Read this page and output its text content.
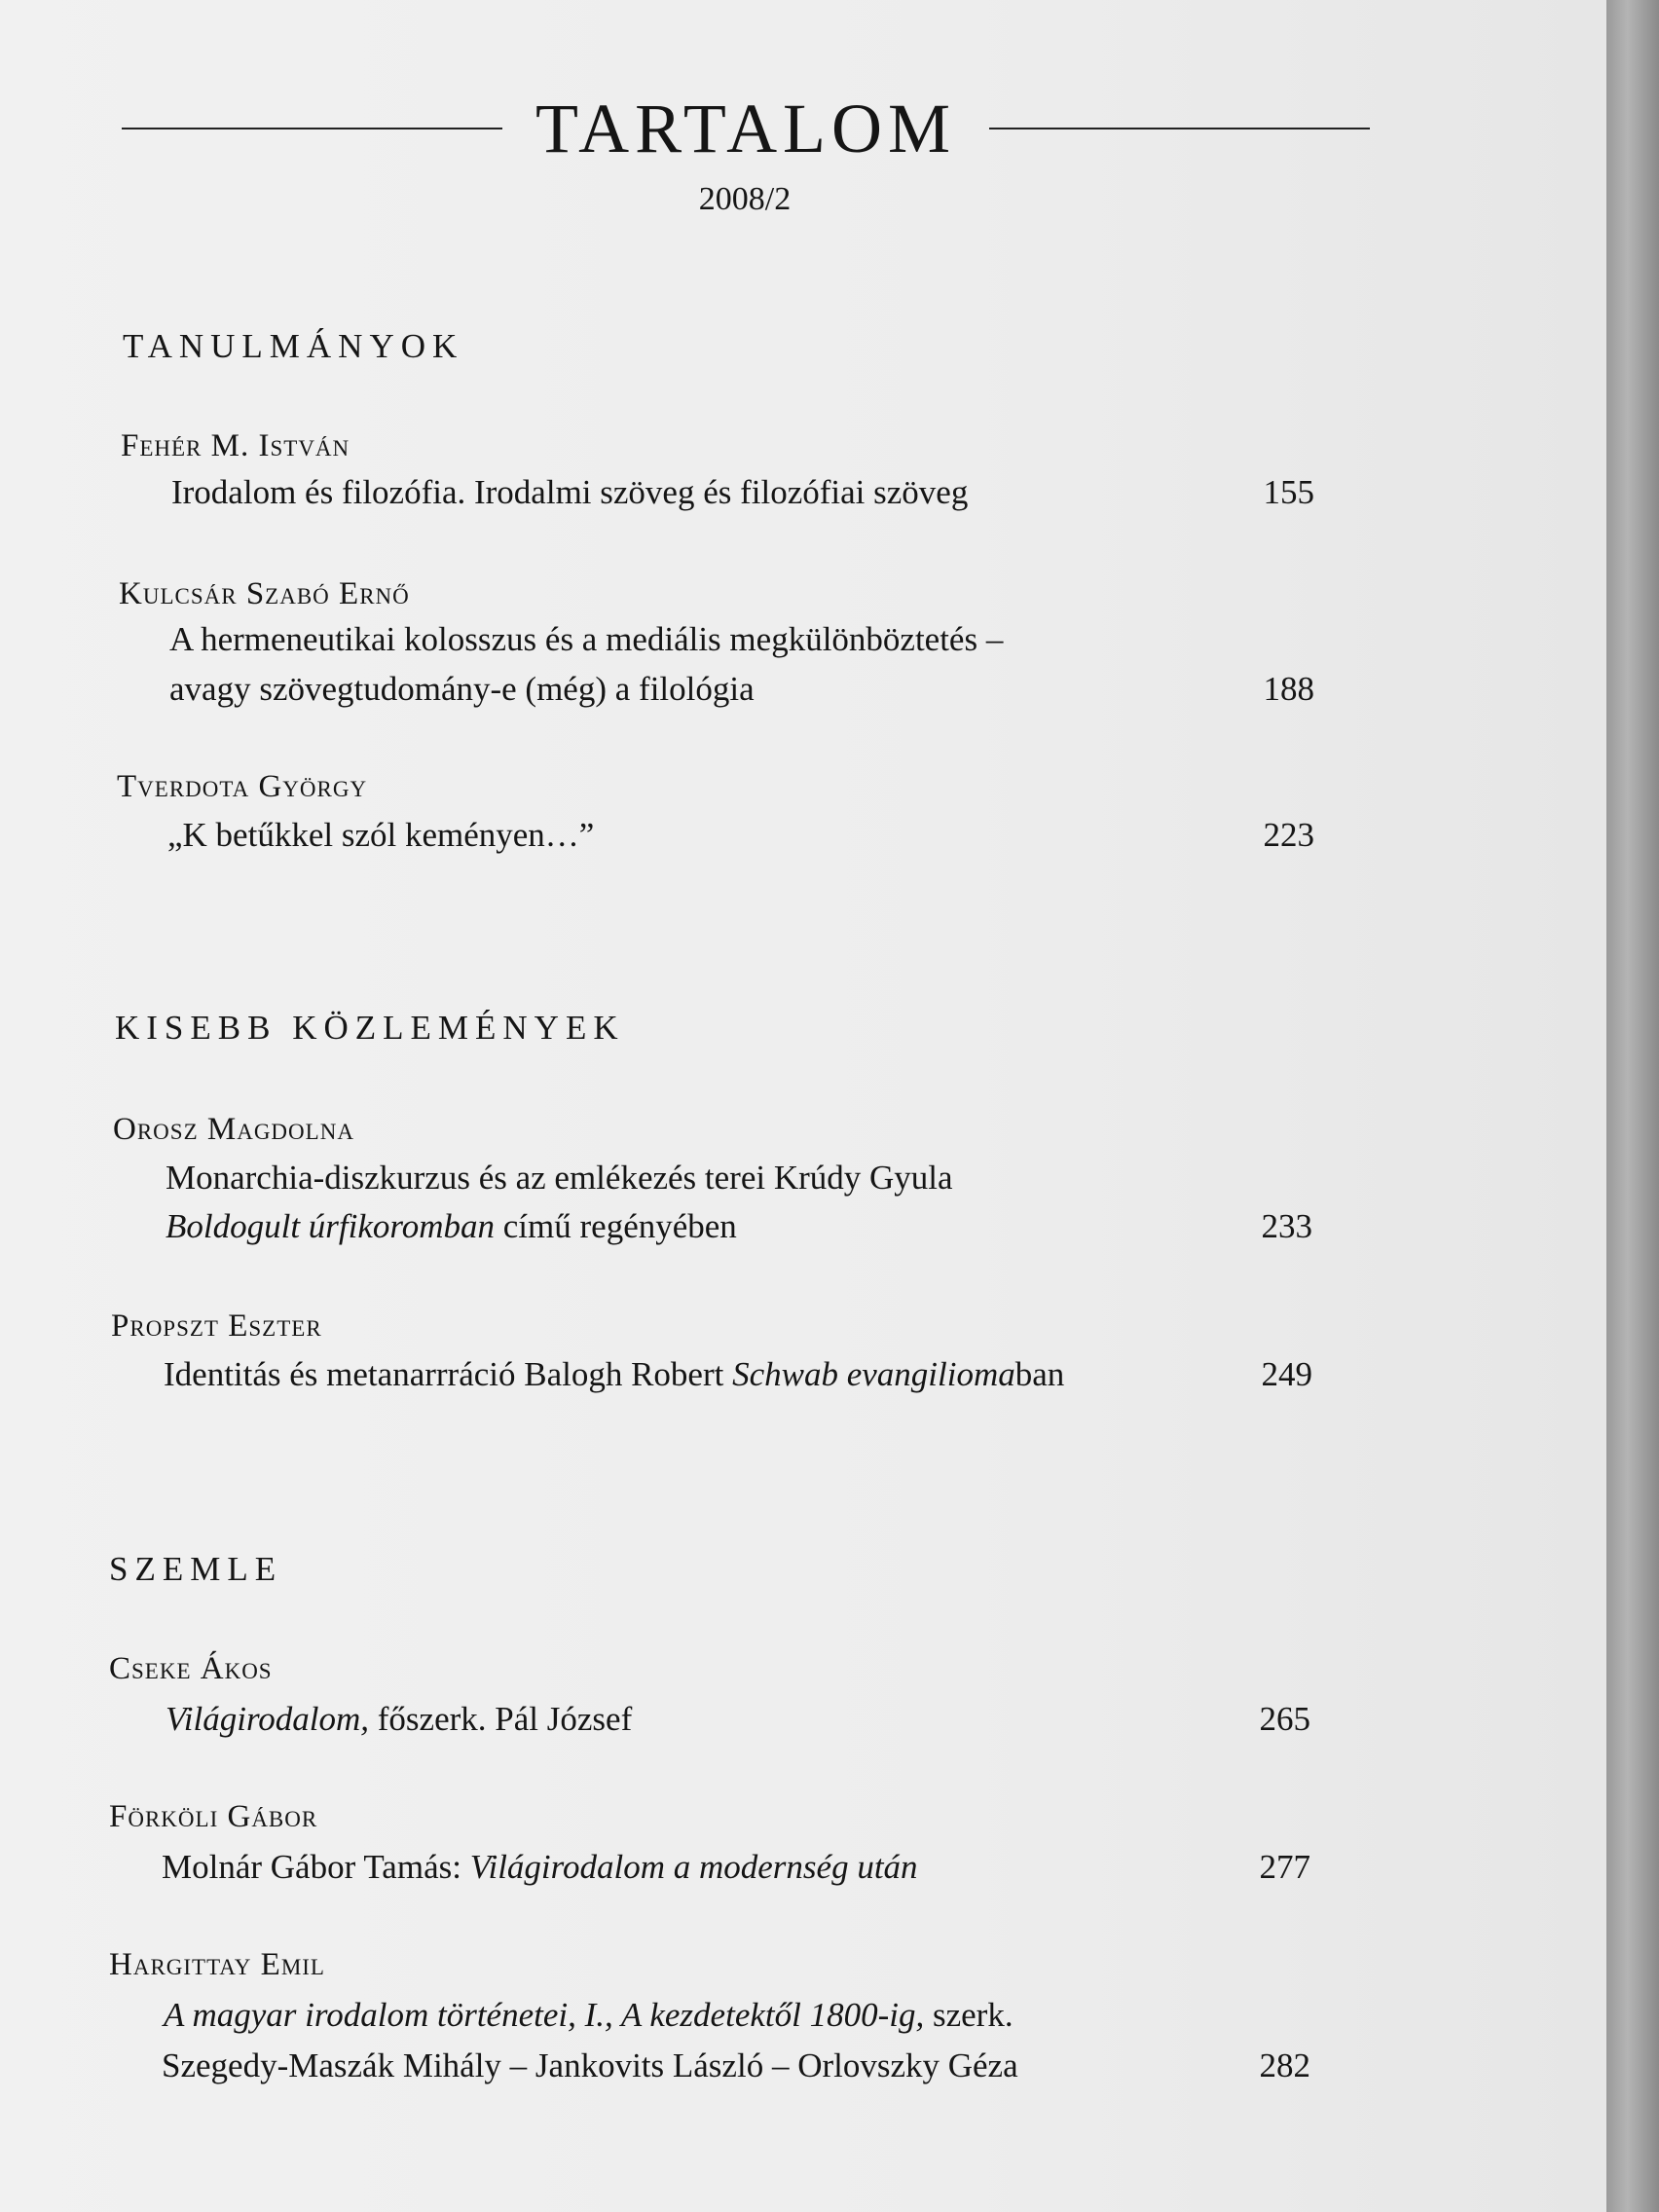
TARTALOM
2008/2
TANULMÁNYOK
Fehér M. István
Irodalom és filozófia. Irodalmi szöveg és filozófiai szöveg	155
Kulcsár Szabó Ernő
A hermeneutikai kolosszus és a mediális megkülönböztetés –
avagy szövegtudomány-e (még) a filológia	188
Tverdota György
„K betűkkel szól keményen…”	223
KISEBB KÖZLEMÉNYEK
Orosz Magdolna
Monarchia-diszkurzus és az emlékezés terei Krúdy Gyula
Boldogult úrfikoromban című regényében	233
Propszt Eszter
Identitás és metanarrráció Balogh Robert Schwab evangiliomaban	249
SZEMLE
Cseke Ákos
Világirodalom, főszerk. Pál József	265
Förköli Gábor
Molnár Gábor Tamás: Világirodalom a modernség után	277
Hargittay Emil
A magyar irodalom történetei, I., A kezdetektől 1800-ig, szerk.
Szegedy-Maszák Mihály – Jankovits László – Orlovszky Géza	282
